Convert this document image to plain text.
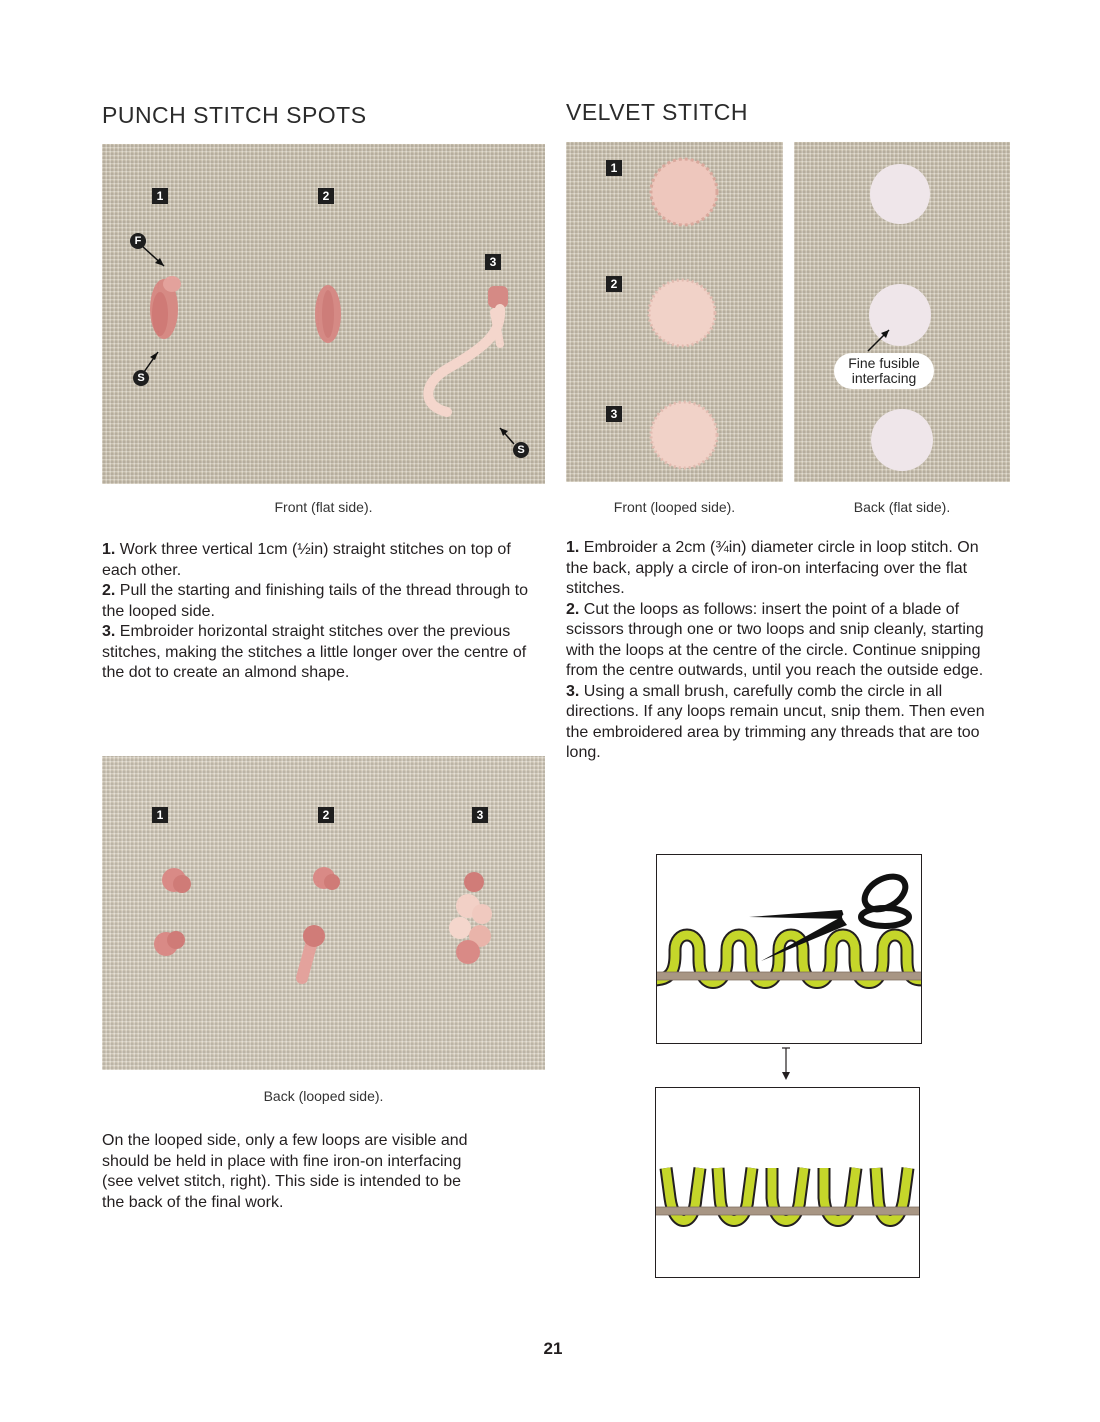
PUNCH STITCH SPOTS	VELVET STITCH
1	2
3
F
S
S
Front (flat side).

1. Work three vertical 1cm (½in) straight stitches on top of each other.

2. Pull the starting and finishing tails of the thread through to the looped side.

3. Embroider horizontal straight stitches over the previous stitches, making the stitches a little longer over the centre of the dot to create an almond shape.

1	2	3
Back (looped side).
On the looped side, only a few loops are visible and should be held in place with fine iron-on interfacing (see velvet stitch, right). This side is intended to be the back of the final work.
1
2
3
Front (looped side).
Fine fusible
interfacing
Back (flat side).

1. Embroider a 2cm (¾in) diameter circle in loop stitch. On the back, apply a circle of iron-on interfacing over the flat stitches.

2. Cut the loops as follows: insert the point of a blade of scissors through one or two loops and snip cleanly, starting with the loops at the centre of the circle. Continue snipping from the centre outwards, until you reach the outside edge.

3. Using a small brush, carefully comb the circle in all directions. If any loops remain uncut, snip them. Then even the embroidered area by trimming any threads that are too long.

21
